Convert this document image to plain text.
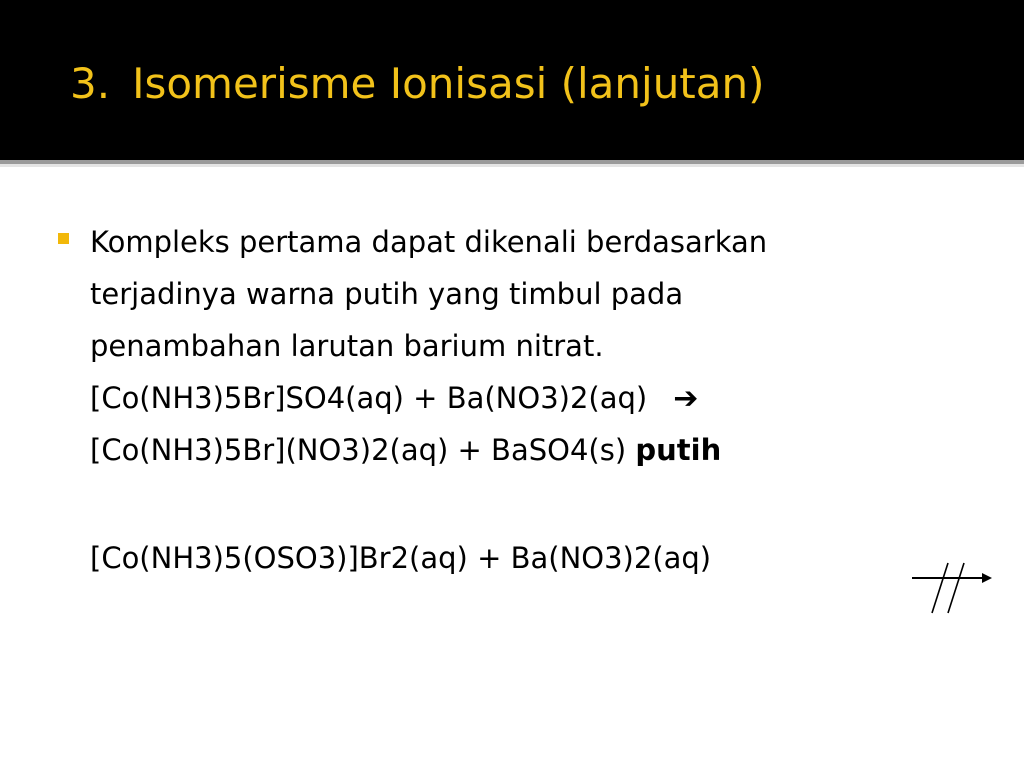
3. Isomerisme Ionisasi (lanjutan)
Kompleks pertama dapat dikenali berdasarkan
terjadinya warna putih yang timbul pada
penambahan larutan barium nitrat.
[Co(NH3)5Br]SO4(aq) + Ba(NO3)2(aq) ➔
[Co(NH3)5Br](NO3)2(aq) + BaSO4(s) putih
[Co(NH3)5(OSO3)]Br2(aq) + Ba(NO3)2(aq)
